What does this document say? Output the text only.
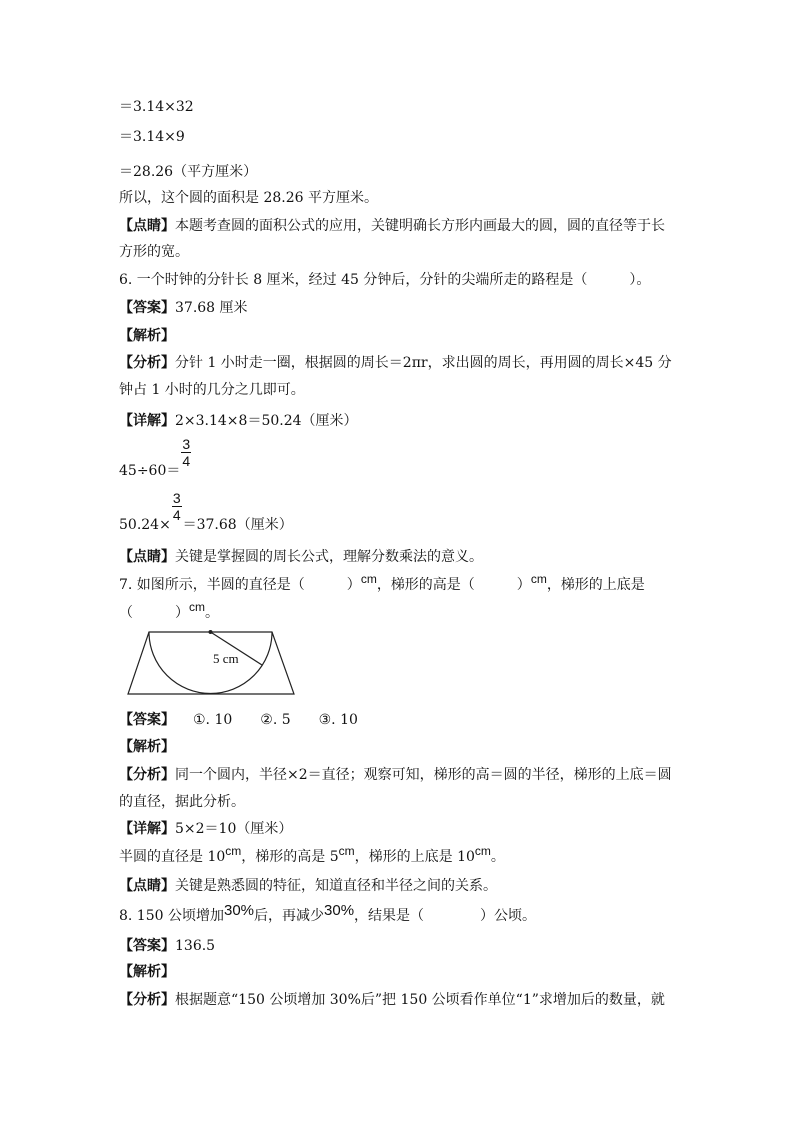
＝3.14×32
＝3.14×9
＝28.26（平方厘米）
所以，这个圆的面积是 28.26 平方厘米。
【点睛】本题考查圆的面积公式的应用，关键明确长方形内画最大的圆，圆的直径等于长
方形的宽。
6. 一个时钟的分针长 8 厘米，经过 45 分钟后，分针的尖端所走的路程是（　　　）。
【答案】37.68 厘米
【解析】
【分析】分针 1 小时走一圈，根据圆的周长＝2πr，求出圆的周长，再用圆的周长×45 分
钟占 1 小时的几分之几即可。
【详解】2×3.14×8＝50.24（厘米）
45÷60＝
$\frac{3}{4}$
50.24×
$\frac{3}{4}$
＝37.68（厘米）
【点睛】关键是掌握圆的周长公式，理解分数乘法的意义。
7. 如图所示，半圆的直径是（　　　）cm，梯形的高是（　　　）cm，梯形的上底是
（　　　）cm。
5 cm
【答案】 ①. 10　　②. 5　　③. 10
【解析】
【分析】同一个圆内，半径×2＝直径；观察可知，梯形的高＝圆的半径，梯形的上底＝圆
的直径，据此分析。
【详解】5×2＝10（厘米）
半圆的直径是 10cm，梯形的高是 5cm，梯形的上底是 10cm。
【点睛】关键是熟悉圆的特征，知道直径和半径之间的关系。
8. 150 公顷增加30%后，再减少30%，结果是（　　　　）公顷。
【答案】136.5
【解析】
【分析】根据题意“150 公顷增加 30%后”把 150 公顷看作单位“1”求增加后的数量，就
